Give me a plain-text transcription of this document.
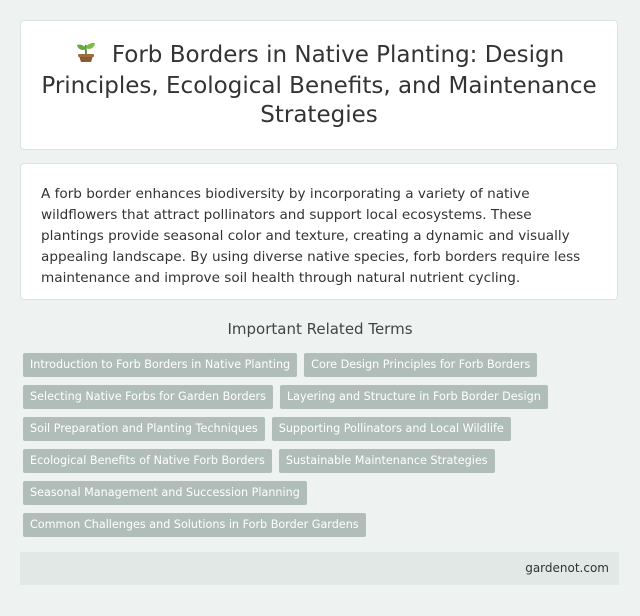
Forb Borders in Native Planting: Design Principles, Ecological Benefits, and Maintenance Strategies

A forb border enhances biodiversity by incorporating a variety of native wildflowers that attract pollinators and support local ecosystems. These plantings provide seasonal color and texture, creating a dynamic and visually appealing landscape. By using diverse native species, forb borders require less maintenance and improve soil health through natural nutrient cycling.

Important Related Terms
Introduction to Forb Borders in Native Planting	Core Design Principles for Forb Borders
Selecting Native Forbs for Garden Borders	Layering and Structure in Forb Border Design
Soil Preparation and Planting Techniques	Supporting Pollinators and Local Wildlife
Ecological Benefits of Native Forb Borders	Sustainable Maintenance Strategies
Seasonal Management and Succession Planning
Common Challenges and Solutions in Forb Border Gardens
gardenot.com
